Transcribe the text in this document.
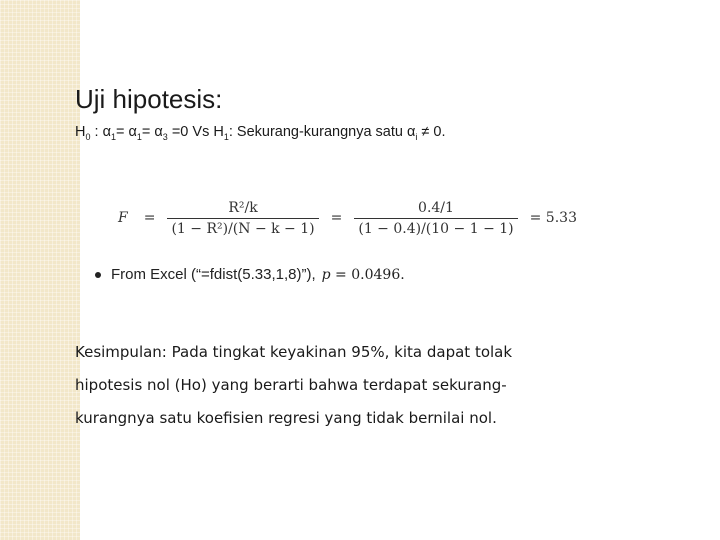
Uji hipotesis:
$H_0$ : $\alpha_1= \alpha_1= \alpha_3 =0$ Vs $H_1$: Sekurang-kurangnya satu $\alpha_i \ne 0$.
$F = \frac{\text{R²/k}}{\text{(1 − R²)/(N − k − 1)}} = \frac{0.4/1}{(1 - 0.4)/(10 - 1 - 1)} = 5.33$
From Excel (“=fdist(5.33,1,8)”), p = 0.0496.

Kesimpulan: Pada tingkat keyakinan 95%, kita dapat tolak hipotesis nol (Ho) yang berarti bahwa terdapat sekurang-kurangnya satu koefisien regresi yang tidak bernilai nol.
